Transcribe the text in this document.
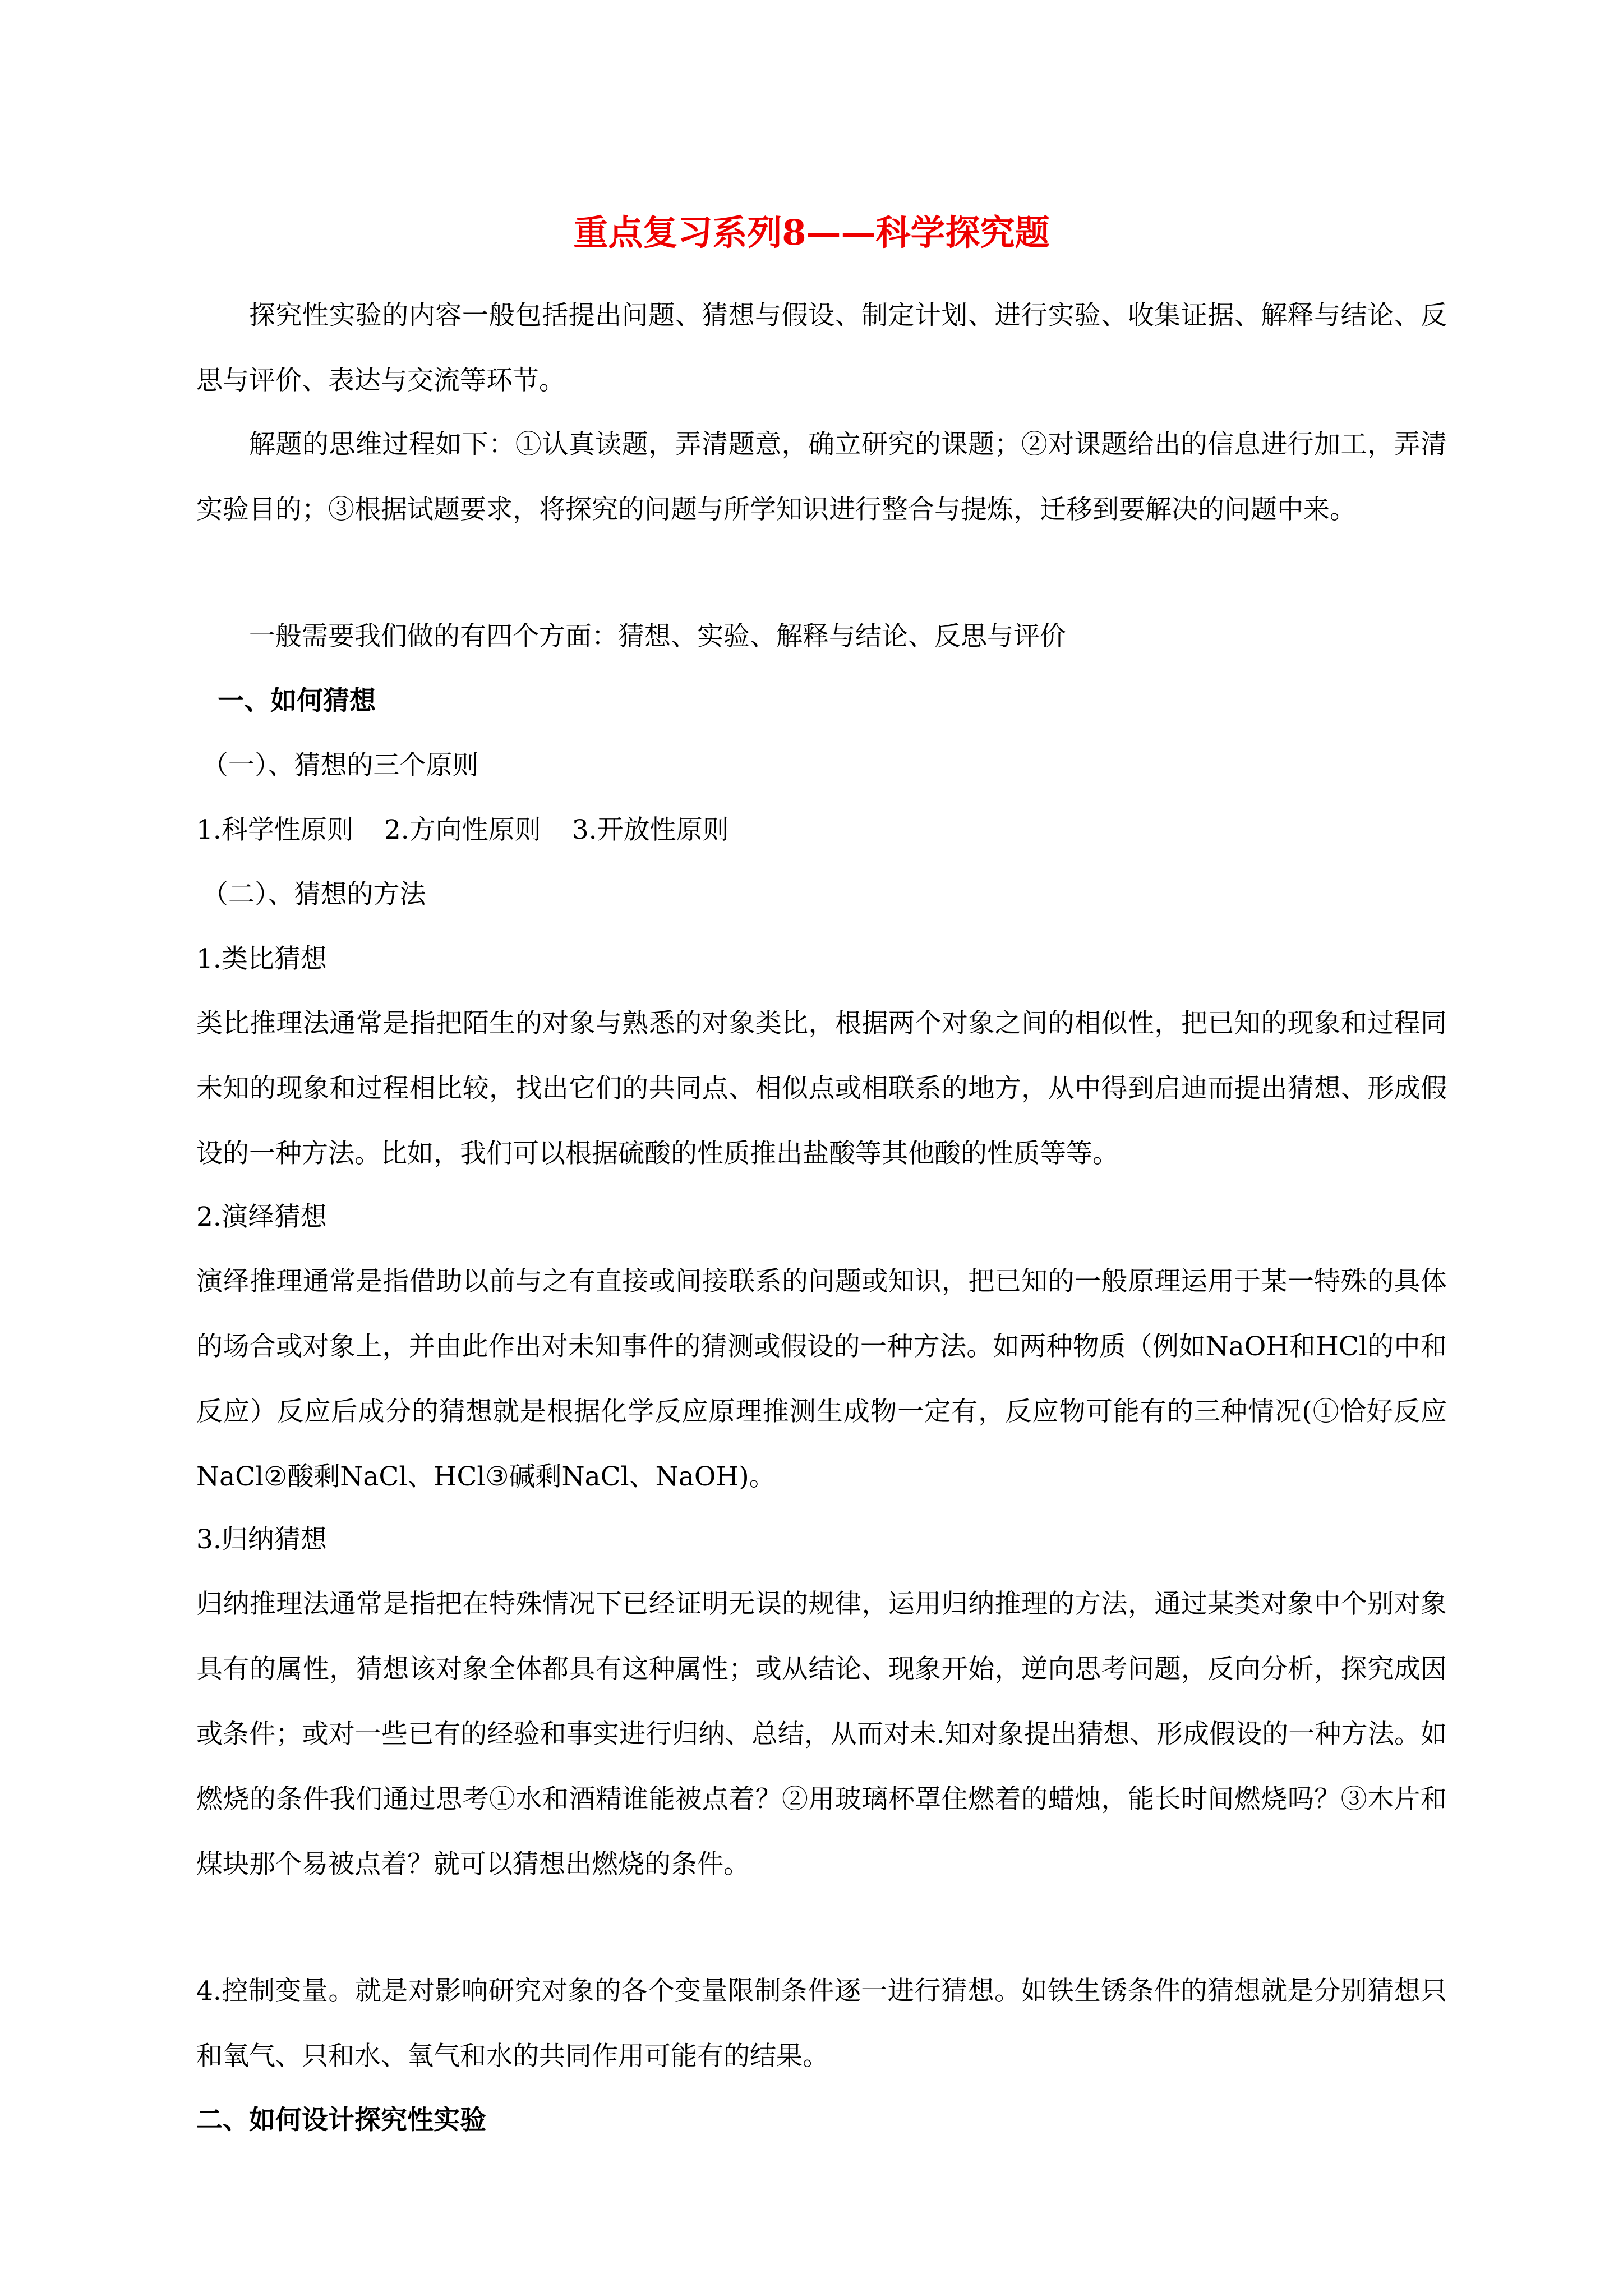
重点复习系列8——科学探究题
探究性实验的内容一般包括提出问题、猜想与假设、制定计划、进行实验、收集证据、解释与结论、反思与评价、表达与交流等环节。
解题的思维过程如下：①认真读题，弄清题意，确立研究的课题；②对课题给出的信息进行加工，弄清实验目的；③根据试题要求，将探究的问题与所学知识进行整合与提炼，迁移到要解决的问题中来。
一般需要我们做的有四个方面：猜想、实验、解释与结论、反思与评价
一、如何猜想
（一）、猜想的三个原则
1.科学性原则 2.方向性原则 3.开放性原则
（二）、猜想的方法
1.类比猜想
类比推理法通常是指把陌生的对象与熟悉的对象类比，根据两个对象之间的相似性，把已知的现象和过程同未知的现象和过程相比较，找出它们的共同点、相似点或相联系的地方，从中得到启迪而提出猜想、形成假设的一种方法。比如，我们可以根据硫酸的性质推出盐酸等其他酸的性质等等。
2.演绎猜想
演绎推理通常是指借助以前与之有直接或间接联系的问题或知识，把已知的一般原理运用于某一特殊的具体的场合或对象上，并由此作出对未知事件的猜测或假设的一种方法。如两种物质（例如NaOH和HCl的中和反应）反应后成分的猜想就是根据化学反应原理推测生成物一定有，反应物可能有的三种情况(①恰好反应NaCl②酸剩NaCl、HCl③碱剩NaCl、NaOH)。
3.归纳猜想
归纳推理法通常是指把在特殊情况下已经证明无误的规律，运用归纳推理的方法，通过某类对象中个别对象具有的属性，猜想该对象全体都具有这种属性；或从结论、现象开始，逆向思考问题，反向分析，探究成因或条件；或对一些已有的经验和事实进行归纳、总结，从而对未.知对象提出猜想、形成假设的一种方法。如燃烧的条件我们通过思考①水和酒精谁能被点着？②用玻璃杯罩住燃着的蜡烛，能长时间燃烧吗？③木片和煤块那个易被点着？就可以猜想出燃烧的条件。
4.控制变量。就是对影响研究对象的各个变量限制条件逐一进行猜想。如铁生锈条件的猜想就是分别猜想只和氧气、只和水、氧气和水的共同作用可能有的结果。
二、如何设计探究性实验
